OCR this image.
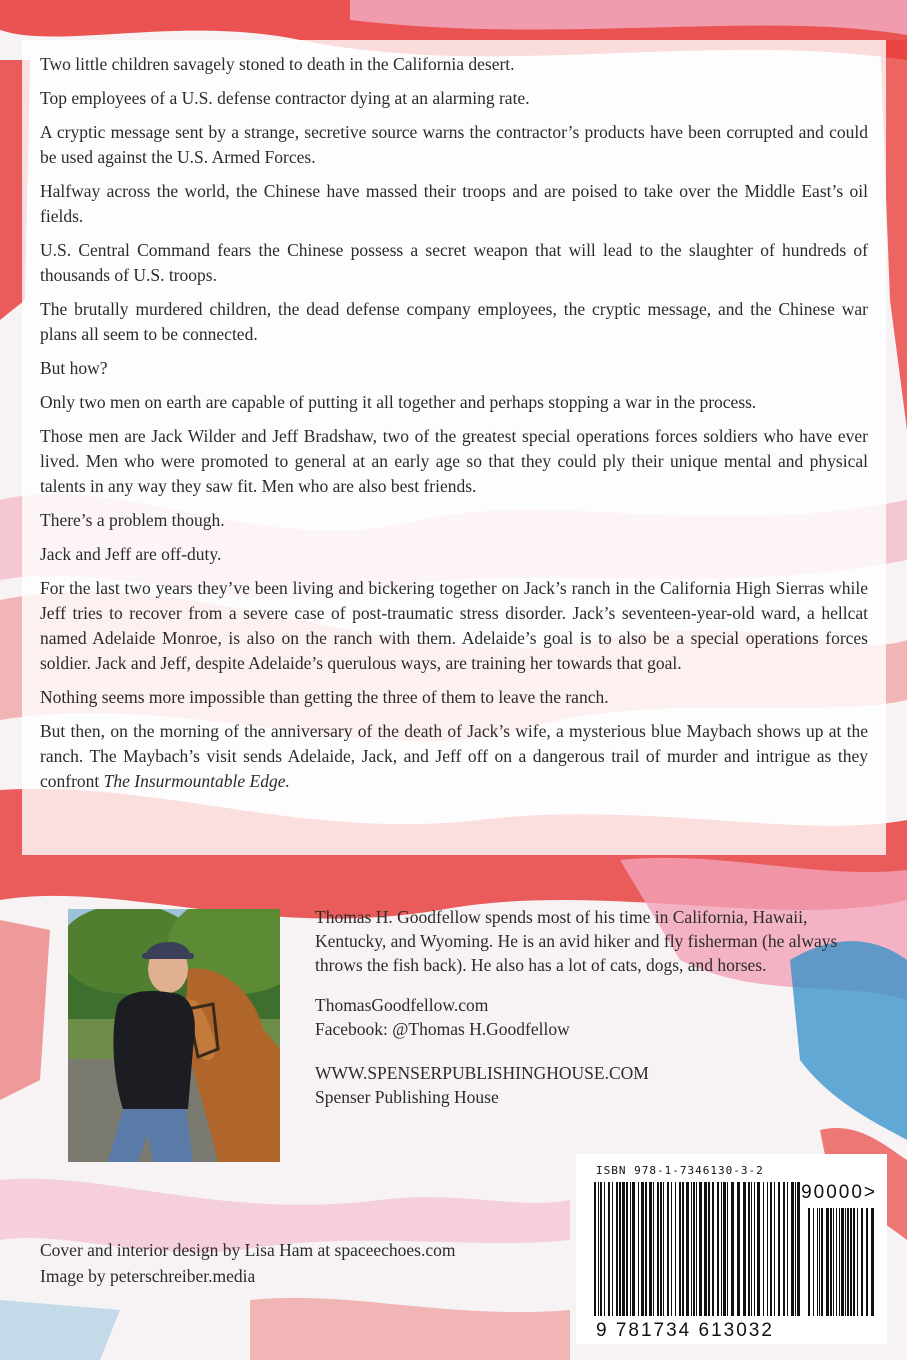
Two little children savagely stoned to death in the California desert.

Top employees of a U.S. defense contractor dying at an alarming rate.

A cryptic message sent by a strange, secretive source warns the contractor’s products have been corrupted and could be used against the U.S. Armed Forces.

Halfway across the world, the Chinese have massed their troops and are poised to take over the Middle East’s oil fields.

U.S. Central Command fears the Chinese possess a secret weapon that will lead to the slaughter of hundreds of thousands of U.S. troops.

The brutally murdered children, the dead defense company employees, the cryptic message, and the Chinese war plans all seem to be connected.

But how?

Only two men on earth are capable of putting it all together and perhaps stopping a war in the process.

Those men are Jack Wilder and Jeff Bradshaw, two of the greatest special operations forces soldiers who have ever lived. Men who were promoted to general at an early age so that they could ply their unique mental and physical talents in any way they saw fit. Men who are also best friends.

There’s a problem though.

Jack and Jeff are off-duty.

For the last two years they’ve been living and bickering together on Jack’s ranch in the California High Sierras while Jeff tries to recover from a severe case of post-traumatic stress disorder. Jack’s seventeen-year-old ward, a hellcat named Adelaide Monroe, is also on the ranch with them. Adelaide’s goal is to also be a special operations forces soldier. Jack and Jeff, despite Adelaide’s querulous ways, are training her towards that goal.

Nothing seems more impossible than getting the three of them to leave the ranch.

But then, on the morning of the anniversary of the death of Jack’s wife, a mysterious blue Maybach shows up at the ranch. The Maybach’s visit sends Adelaide, Jack, and Jeff off on a dangerous trail of murder and intrigue as they confront The Insurmountable Edge.

Thomas H. Goodfellow spends most of his time in California, Hawaii, Kentucky, and Wyoming. He is an avid hiker and fly fisherman (he always throws the fish back). He also has a lot of cats, dogs, and horses.

ThomasGoodfellow.com

Facebook: @Thomas H.Goodfellow

WWW.SPENSERPUBLISHINGHOUSE.COM

Spenser Publishing House

Cover and interior design by Lisa Ham at spaceechoes.com

Image by peterschreiber.media

ISBN 978-1-7346130-3-2
90000>
9 781734 613032
